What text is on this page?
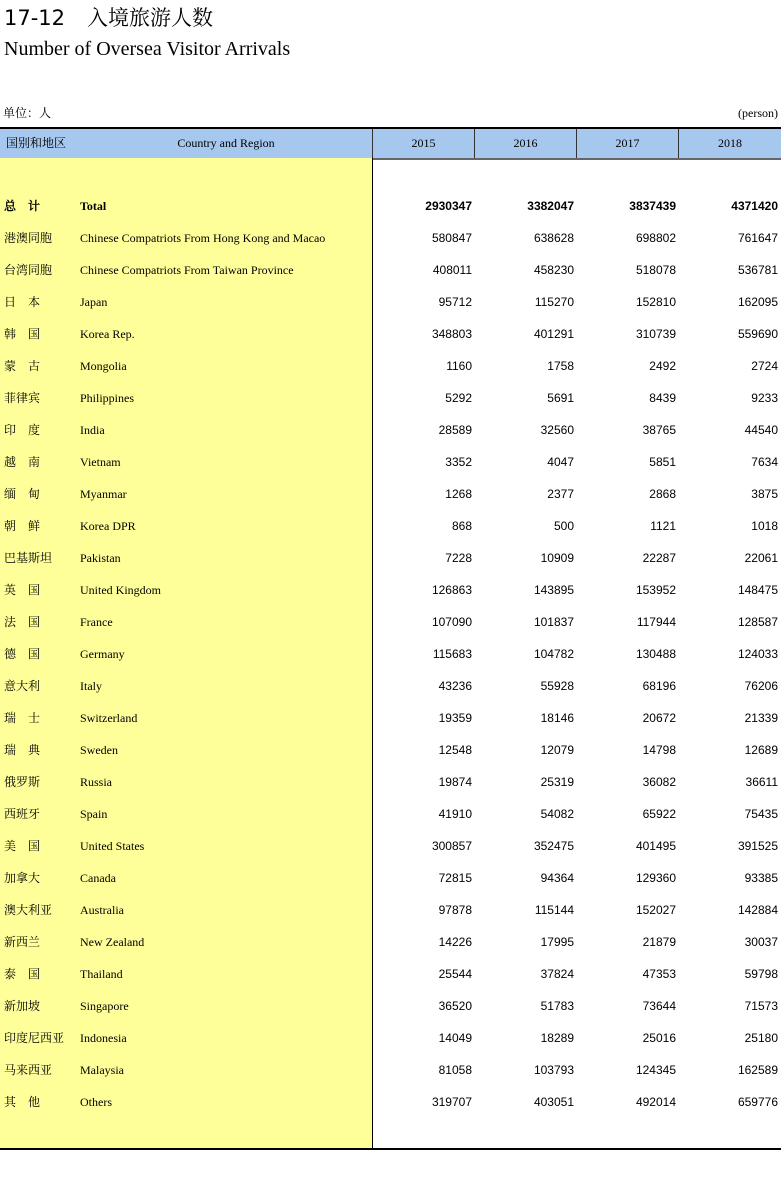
17-12 入境旅游人数
Number of Oversea Visitor Arrivals
单位：人	(person)
国别和地区	Country and Region	2015	2016	2017	2018
总　计	Total	2930347	3382047	3837439	4371420
港澳同胞	Chinese Compatriots From Hong Kong and Macao	580847	638628	698802	761647
台湾同胞	Chinese Compatriots From Taiwan Province	408011	458230	518078	536781
日　本	Japan	95712	115270	152810	162095
韩　国	Korea Rep.	348803	401291	310739	559690
蒙　古	Mongolia	1160	1758	2492	2724
菲律宾	Philippines	5292	5691	8439	9233
印　度	India	28589	32560	38765	44540
越　南	Vietnam	3352	4047	5851	7634
缅　甸	Myanmar	1268	2377	2868	3875
朝　鲜	Korea DPR	868	500	1121	1018
巴基斯坦	Pakistan	7228	10909	22287	22061
英　国	United Kingdom	126863	143895	153952	148475
法　国	France	107090	101837	117944	128587
德　国	Germany	115683	104782	130488	124033
意大利	Italy	43236	55928	68196	76206
瑞　士	Switzerland	19359	18146	20672	21339
瑞　典	Sweden	12548	12079	14798	12689
俄罗斯	Russia	19874	25319	36082	36611
西班牙	Spain	41910	54082	65922	75435
美　国	United States	300857	352475	401495	391525
加拿大	Canada	72815	94364	129360	93385
澳大利亚	Australia	97878	115144	152027	142884
新西兰	New Zealand	14226	17995	21879	30037
泰　国	Thailand	25544	37824	47353	59798
新加坡	Singapore	36520	51783	73644	71573
印度尼西亚	Indonesia	14049	18289	25016	25180
马来西亚	Malaysia	81058	103793	124345	162589
其　他	Others	319707	403051	492014	659776
